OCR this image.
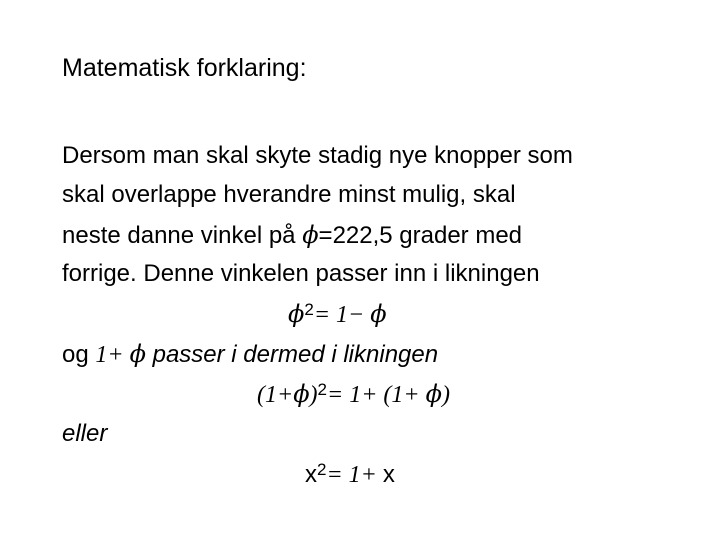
Matematisk forklaring:
Dersom man skal skyte stadig nye knopper som
skal overlappe hverandre minst mulig, skal
neste danne vinkel på ϕ=222,5 grader med
forrige. Denne vinkelen passer inn i likningen
$\phi^2= 1- \phi$
og 1+ ϕ passer i dermed i likningen
$(1+\phi)^2= 1+ (1+ \phi)$
eller
$x^2= 1+ x$
